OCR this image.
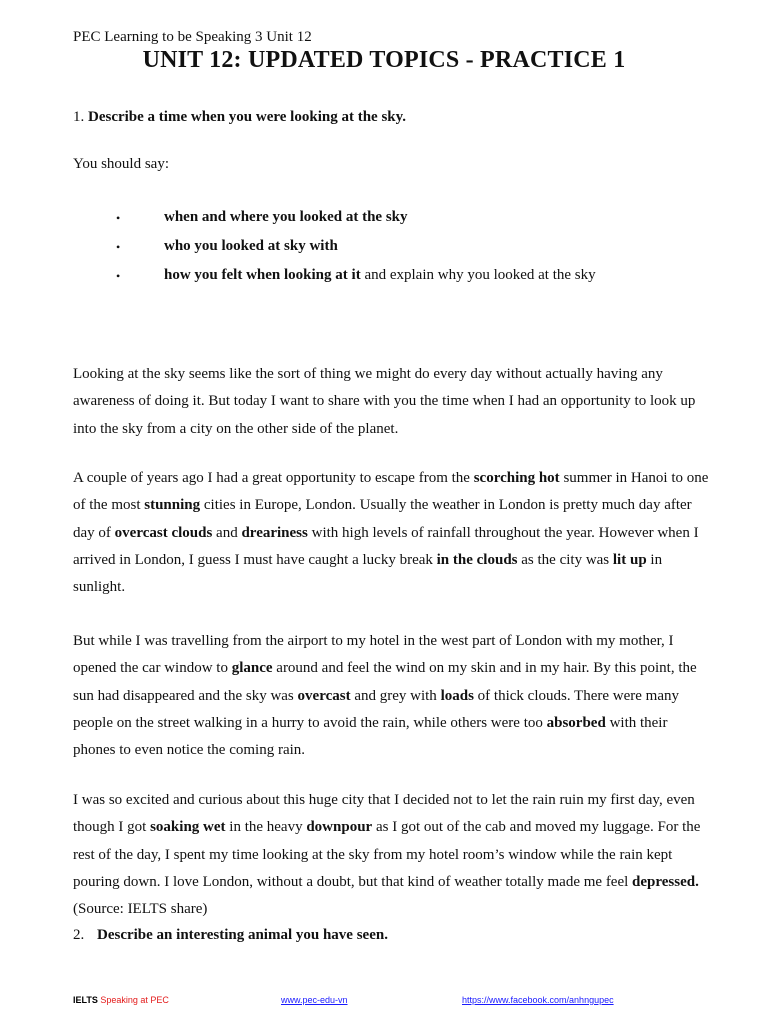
PEC Learning to be Speaking 3 Unit 12
UNIT 12: UPDATED TOPICS - PRACTICE 1
1. Describe a time when you were looking at the sky.
You should say:
•	when and where you looked at the sky
•	who you looked at sky with
•	how you felt when looking at it and explain why you looked at the sky
Looking at the sky seems like the sort of thing we might do every day without actually having any awareness of doing it. But today I want to share with you the time when I had an opportunity to look up into the sky from a city on the other side of the planet.
A couple of years ago I had a great opportunity to escape from the scorching hot summer in Hanoi to one of the most stunning cities in Europe, London. Usually the weather in London is pretty much day after day of overcast clouds and dreariness with high levels of rainfall throughout the year. However when I arrived in London, I guess I must have caught a lucky break in the clouds as the city was lit up in sunlight.
But while I was travelling from the airport to my hotel in the west part of London with my mother, I opened the car window to glance around and feel the wind on my skin and in my hair. By this point, the sun had disappeared and the sky was overcast and grey with loads of thick clouds. There were many people on the street walking in a hurry to avoid the rain, while others were too absorbed with their phones to even notice the coming rain.
I was so excited and curious about this huge city that I decided not to let the rain ruin my first day, even though I got soaking wet in the heavy downpour as I got out of the cab and moved my luggage. For the rest of the day, I spent my time looking at the sky from my hotel room’s window while the rain kept pouring down. I love London, without a doubt, but that kind of weather totally made me feel depressed. (Source: IELTS share)
2. Describe an interesting animal you have seen.
IELTS Speaking at PEC	www.pec-edu-vn	https://www.facebook.com/anhngupec
